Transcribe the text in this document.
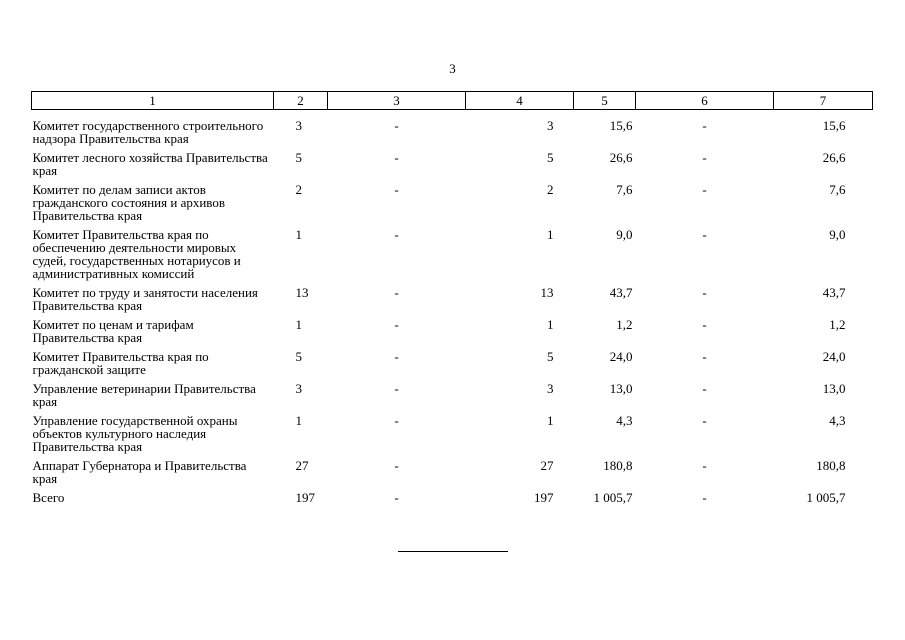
3
1	2	3	4	5	6	7
Комитет государственного строительного надзора Правительства края	3	-	3	15,6	-	15,6
Комитет лесного хозяйства Правительства края	5	-	5	26,6	-	26,6
Комитет по делам записи актов гражданского состояния и архивов Правительства края	2	-	2	7,6	-	7,6
Комитет Правительства края по обеспечению деятельности мировых судей, государственных нотариусов и административных комиссий	1	-	1	9,0	-	9,0
Комитет по труду и занятости населения Правительства края	13	-	13	43,7	-	43,7
Комитет по ценам и тарифам Правительства края	1	-	1	1,2	-	1,2
Комитет Правительства края по гражданской защите	5	-	5	24,0	-	24,0
Управление ветеринарии Правительства края	3	-	3	13,0	-	13,0
Управление государственной охраны объектов культурного наследия Правительства края	1	-	1	4,3	-	4,3
Аппарат Губернатора и Правительства края	27	-	27	180,8	-	180,8
Всего	197	-	197	1 005,7	-	1 005,7
